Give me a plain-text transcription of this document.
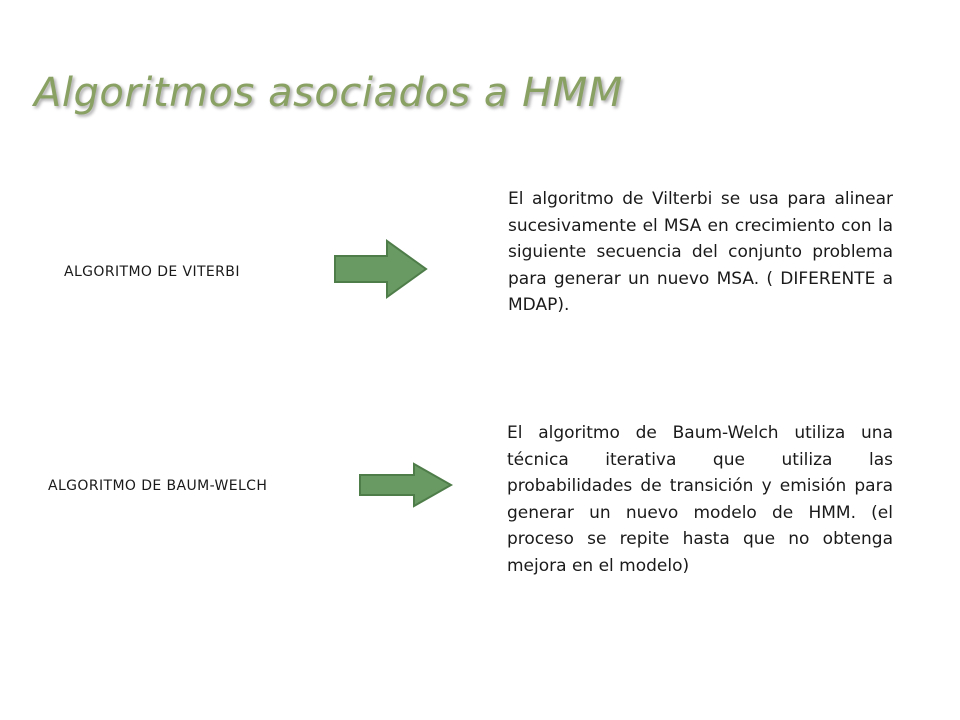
Algoritmos asociados a HMM

ALGORITMO DE VITERBI

El algoritmo de Vilterbi se usa para alinear sucesivamente el MSA en crecimiento con la siguiente secuencia del conjunto problema para generar un nuevo MSA. ( DIFERENTE a MDAP).

ALGORITMO DE BAUM-WELCH

El algoritmo de Baum-Welch utiliza una técnica iterativa que utiliza las probabilidades de transición y emisión para generar un nuevo modelo de HMM. (el proceso se repite hasta que no obtenga mejora en el modelo)
